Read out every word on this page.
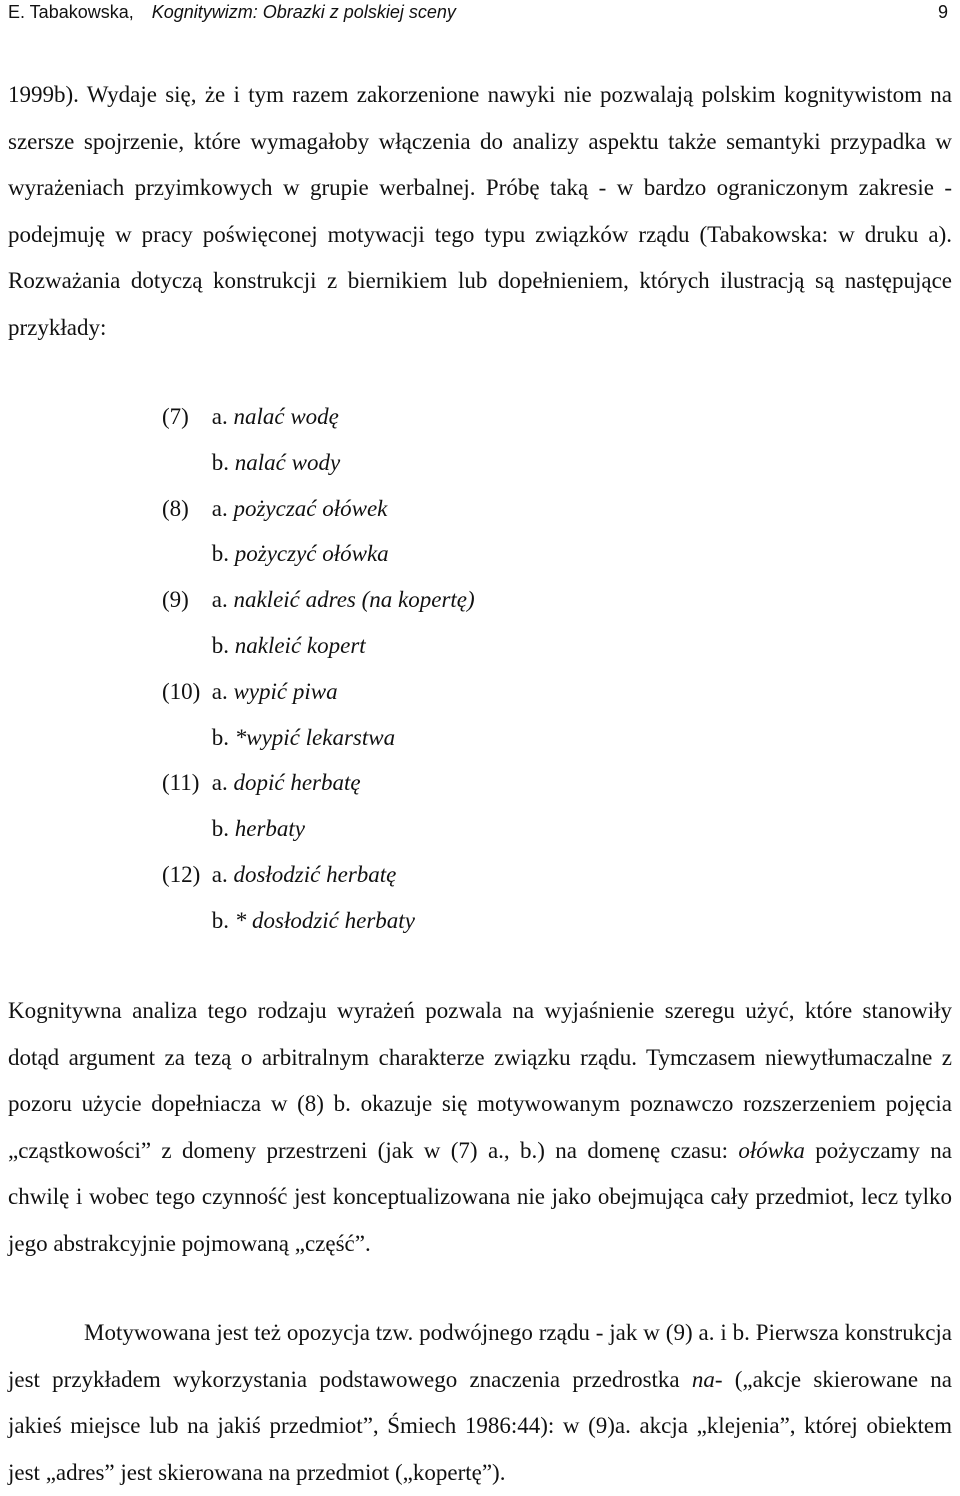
E. Tabakowska, Kognitywizm: Obrazki z polskiej sceny	9

1999b). Wydaje się, że i tym razem zakorzenione nawyki nie pozwalają polskim kognitywistom na szersze spojrzenie, które wymagałoby włączenia do analizy aspektu także semantyki przypadka w wyrażeniach przyimkowych w grupie werbalnej. Próbę taką - w bardzo ograniczonym zakresie - podejmuję w pracy poświęconej motywacji tego typu związków rządu (Tabakowska: w druku a). Rozważania dotyczą konstrukcji z biernikiem lub dopełnieniem, których ilustracją są następujące przykłady:

(7) a. nalać wodę
b. nalać wody
(8) a. pożyczać ołówek
b. pożyczyć ołówka
(9) a. nakleić adres (na kopertę)
b. nakleić kopert
(10) a. wypić piwa
b. *wypić lekarstwa
(11) a. dopić herbatę
b. herbaty
(12) a. dosłodzić herbatę
b. * dosłodzić herbaty

Kognitywna analiza tego rodzaju wyrażeń pozwala na wyjaśnienie szeregu użyć, które stanowiły dotąd argument za tezą o arbitralnym charakterze związku rządu. Tymczasem niewytłumaczalne z pozoru użycie dopełniacza w (8) b. okazuje się motywowanym poznawczo rozszerzeniem pojęcia „cząstkowości” z domeny przestrzeni (jak w (7) a., b.) na domenę czasu: ołówka pożyczamy na chwilę i wobec tego czynność jest konceptualizowana nie jako obejmująca cały przedmiot, lecz tylko jego abstrakcyjnie pojmowaną „część”.

Motywowana jest też opozycja tzw. podwójnego rządu - jak w (9) a. i b. Pierwsza konstrukcja jest przykładem wykorzystania podstawowego znaczenia przedrostka na- („akcje skierowane na jakieś miejsce lub na jakiś przedmiot”, Śmiech 1986:44): w (9)a. akcja „klejenia”, której obiektem jest „adres” jest skierowana na przedmiot („kopertę”).
